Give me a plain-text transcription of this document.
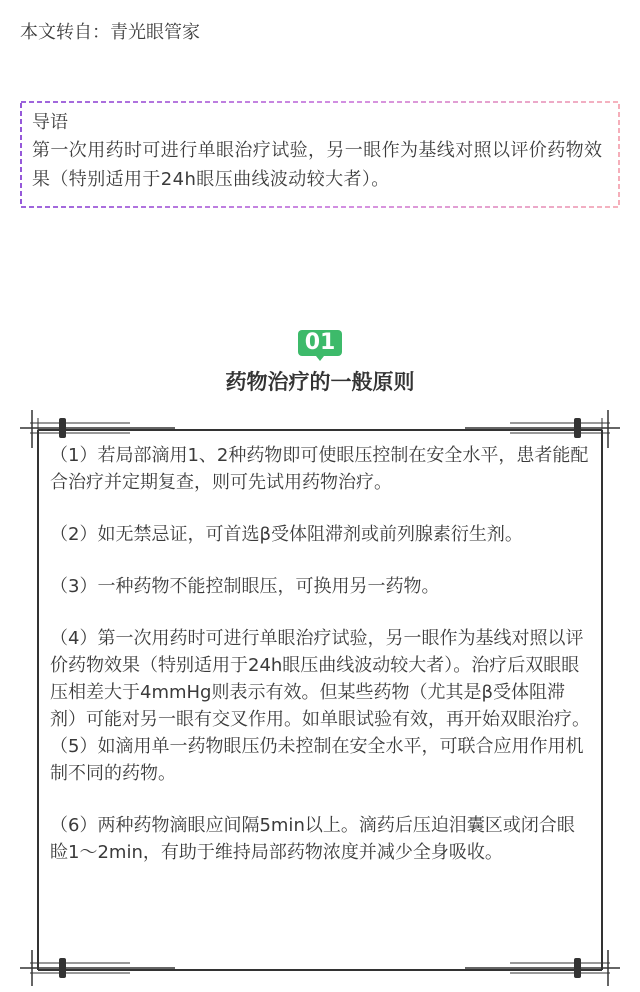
本文转自：青光眼管家
导语
第一次用药时可进行单眼治疗试验，另一眼作为基线对照以评价药物效果（特别适用于24h眼压曲线波动较大者）。
01
药物治疗的一般原则

（1）若局部滴用1、2种药物即可使眼压控制在安全水平，患者能配合治疗并定期复查，则可先试用药物治疗。

（2）如无禁忌证，可首选β受体阻滞剂或前列腺素衍生剂。

（3）一种药物不能控制眼压，可换用另一药物。

（4）第一次用药时可进行单眼治疗试验，另一眼作为基线对照以评价药物效果（特别适用于24h眼压曲线波动较大者）。治疗后双眼眼压相差大于4mmHg则表示有效。但某些药物（尤其是β受体阻滞剂）可能对另一眼有交叉作用。如单眼试验有效，再开始双眼治疗。

（5）如滴用单一药物眼压仍未控制在安全水平，可联合应用作用机制不同的药物。

（6）两种药物滴眼应间隔5min以上。滴药后压迫泪囊区或闭合眼睑1～2min，有助于维持局部药物浓度并减少全身吸收。
